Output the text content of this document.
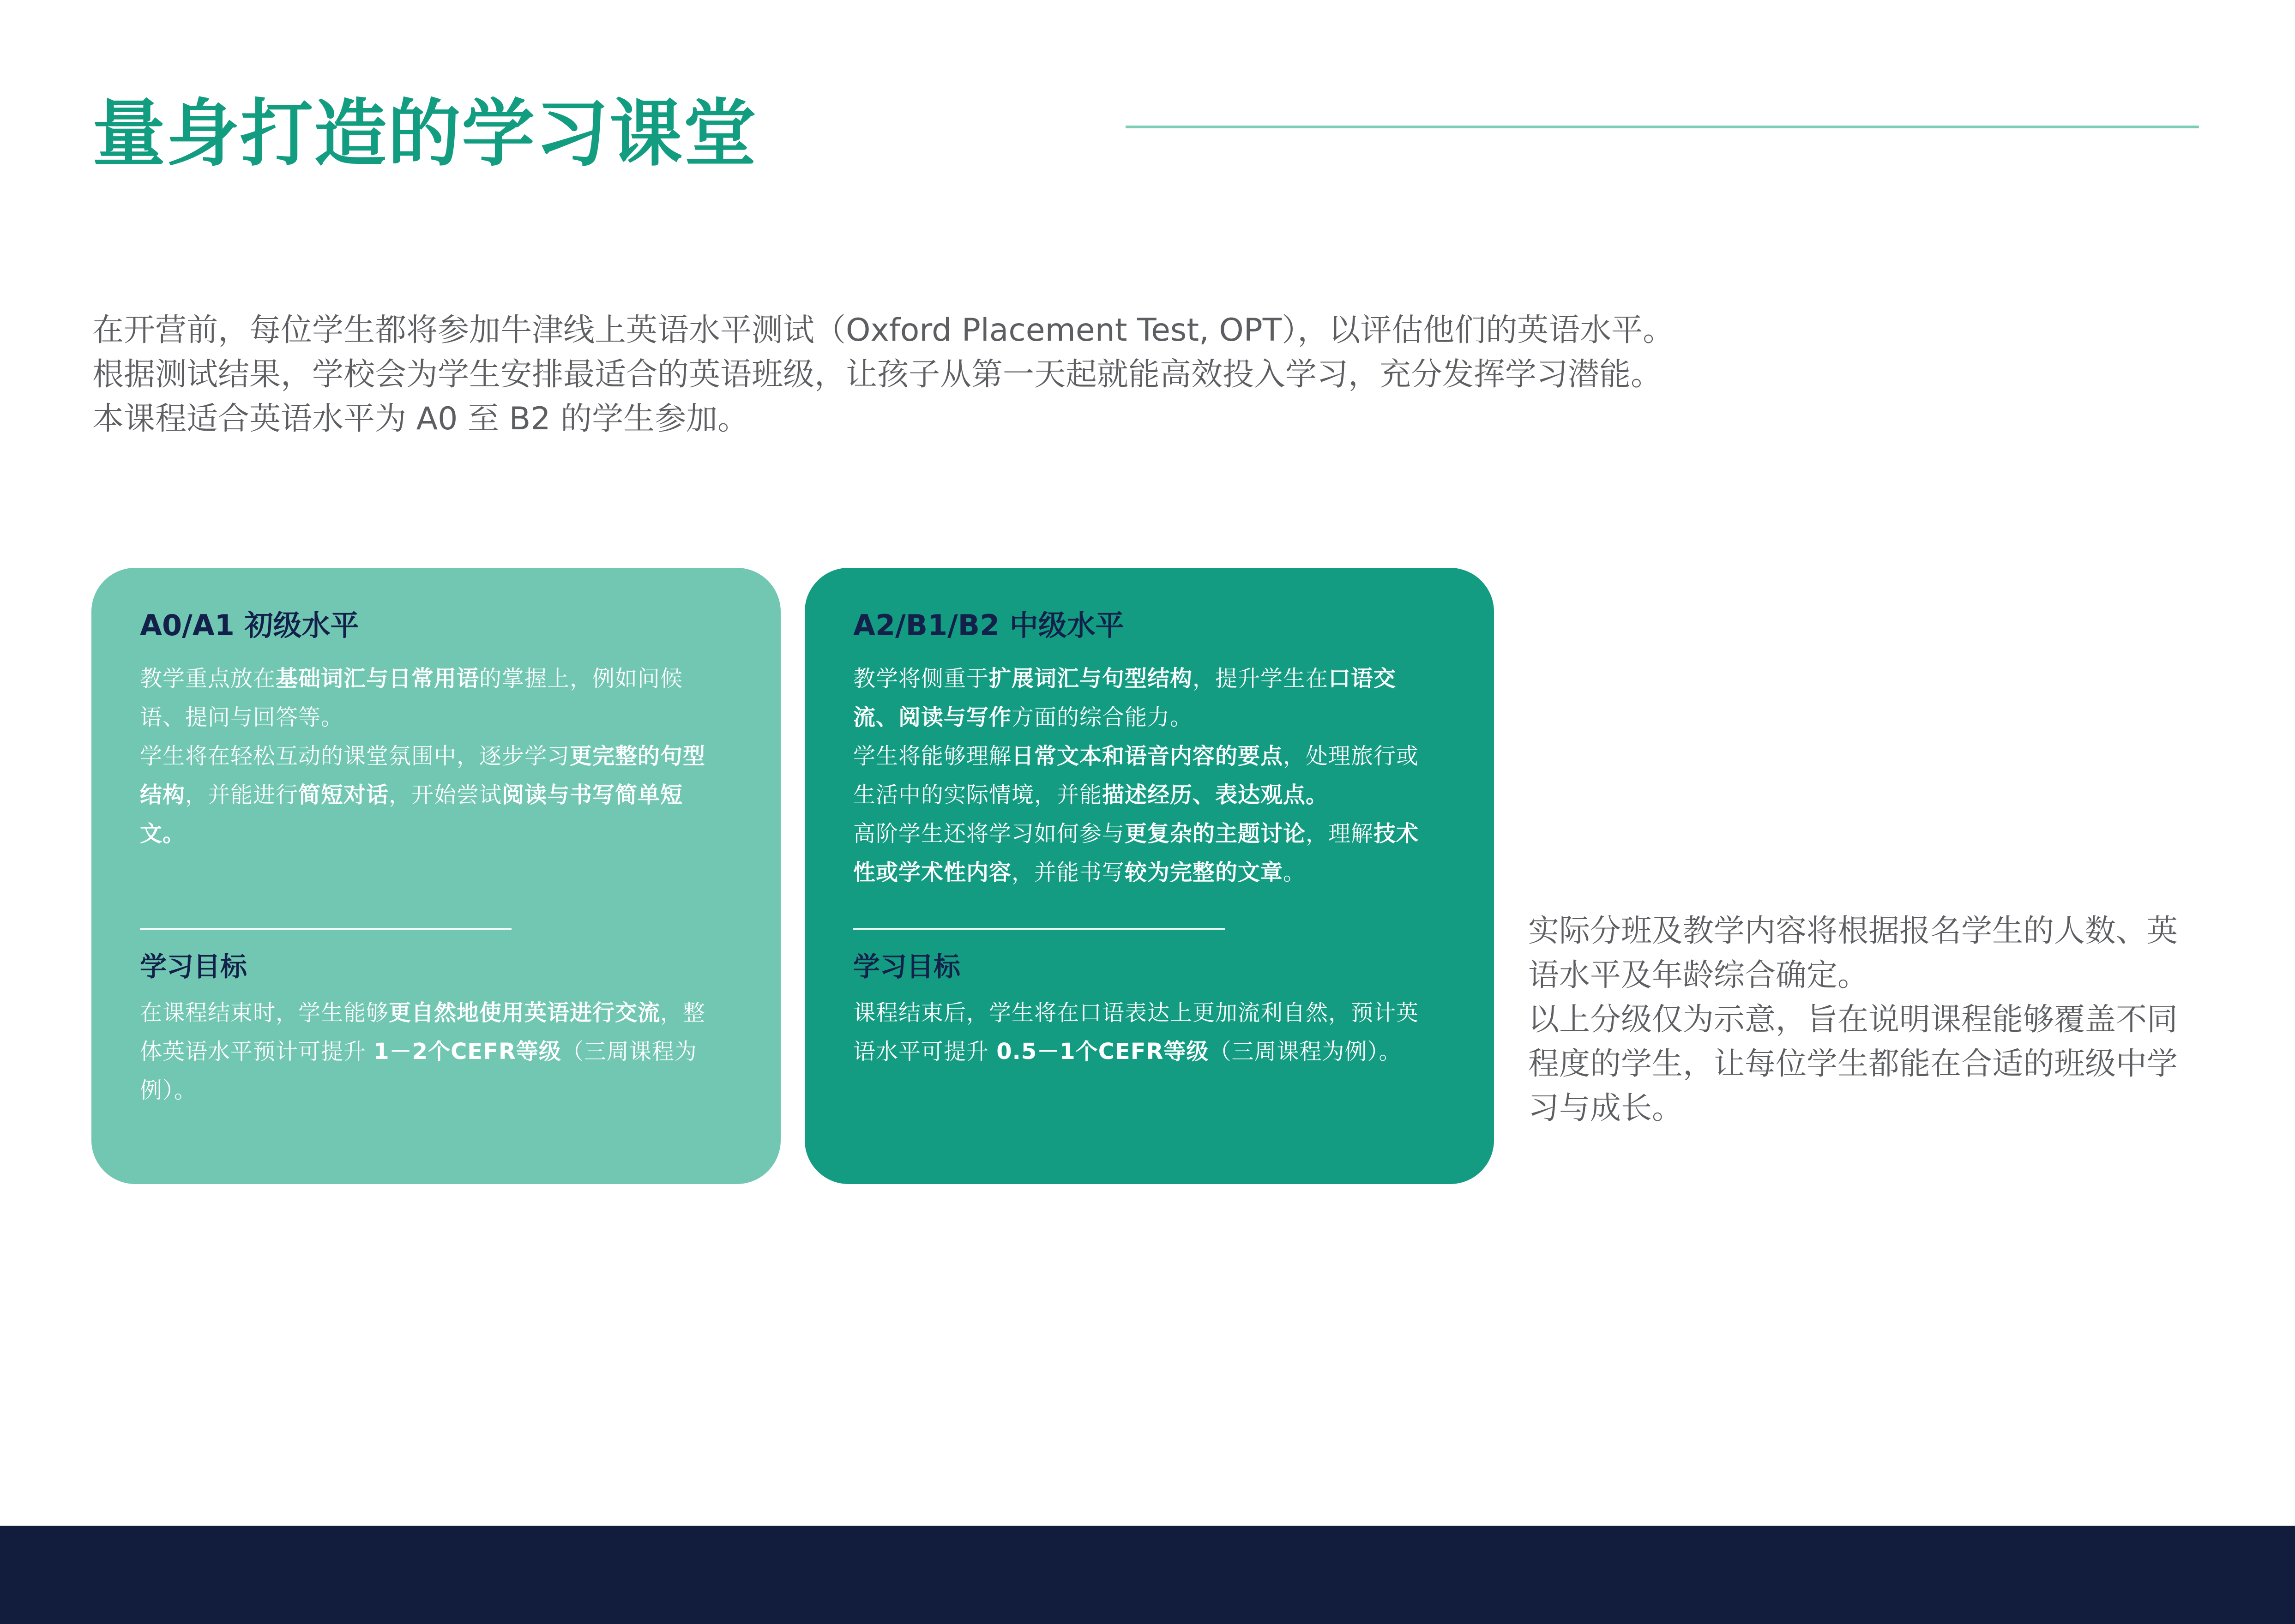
量身打造的学习课堂

在开营前，每位学生都将参加牛津线上英语水平测试（Oxford Placement Test, OPT），以评估他们的英语水平。

根据测试结果，学校会为学生安排最适合的英语班级，让孩子从第一天起就能高效投入学习，充分发挥学习潜能。

本课程适合英语水平为 A0 至 B2 的学生参加。

A0/A1 初级水平

教学重点放在基础词汇与日常用语的掌握上，例如问候语、提问与回答等。

学生将在轻松互动的课堂氛围中，逐步学习更完整的句型结构，并能进行简短对话，开始尝试阅读与书写简单短文。

学习目标
在课程结束时，学生能够更自然地使用英语进行交流，整体英语水平预计可提升 1－2个CEFR等级（三周课程为例）。
A2/B1/B2 中级水平

教学将侧重于扩展词汇与句型结构，提升学生在口语交流、阅读与写作方面的综合能力。

学生将能够理解日常文本和语音内容的要点，处理旅行或生活中的实际情境，并能描述经历、表达观点。

高阶学生还将学习如何参与更复杂的主题讨论，理解技术性或学术性内容，并能书写较为完整的文章。

学习目标
课程结束后，学生将在口语表达上更加流利自然，预计英语水平可提升 0.5－1个CEFR等级（三周课程为例）。

实际分班及教学内容将根据报名学生的人数、英语水平及年龄综合确定。

以上分级仅为示意，旨在说明课程能够覆盖不同程度的学生，让每位学生都能在合适的班级中学习与成长。
